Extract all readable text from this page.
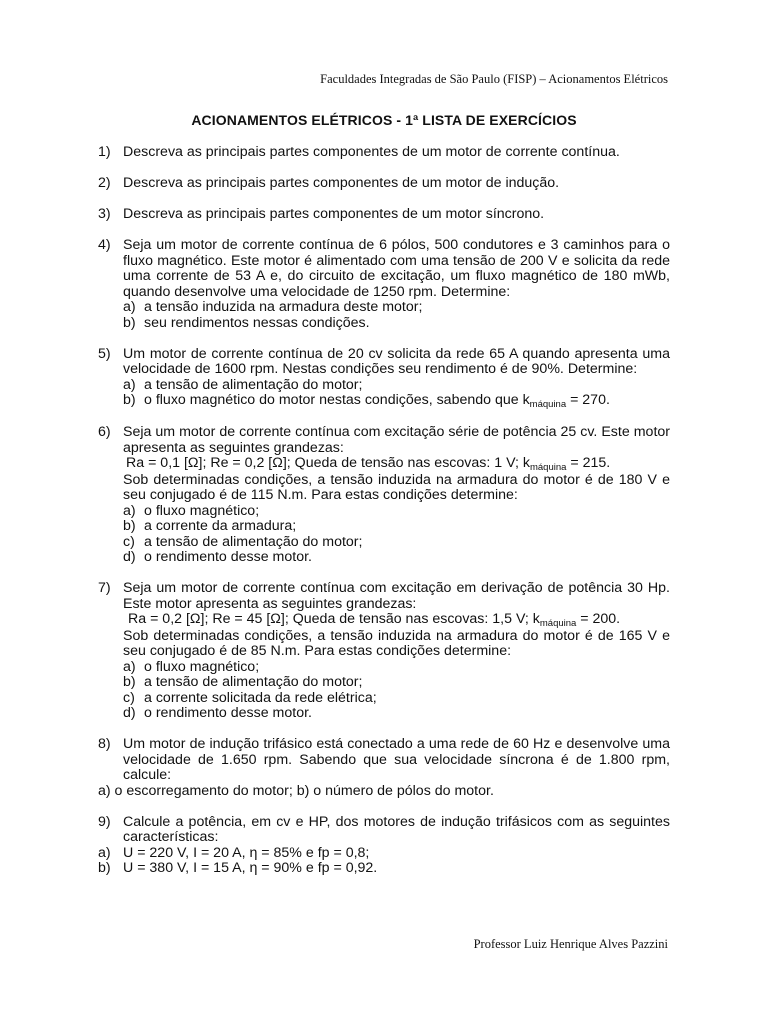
Faculdades Integradas de São Paulo (FISP) – Acionamentos Elétricos
ACIONAMENTOS ELÉTRICOS - 1ª LISTA DE EXERCÍCIOS
1) Descreva as principais partes componentes de um motor de corrente contínua.
2) Descreva as principais partes componentes de um motor de indução.
3) Descreva as principais partes componentes de um motor síncrono.
4) Seja um motor de corrente contínua de 6 pólos, 500 condutores e 3 caminhos para o fluxo magnético. Este motor é alimentado com uma tensão de 200 V e solicita da rede uma corrente de 53 A e, do circuito de excitação, um fluxo magnético de 180 mWb, quando desenvolve uma velocidade de 1250 rpm. Determine:
a) a tensão induzida na armadura deste motor;
b) seu rendimentos nessas condições.
5) Um motor de corrente contínua de 20 cv solicita da rede 65 A quando apresenta uma velocidade de 1600 rpm. Nestas condições seu rendimento é de 90%. Determine:
a) a tensão de alimentação do motor;
b) o fluxo magnético do motor nestas condições, sabendo que $k_{máquina} = 270$.
6) Seja um motor de corrente contínua com excitação série de potência 25 cv. Este motor apresenta as seguintes grandezas:
Ra = 0,1 [Ω]; Re = 0,2 [Ω]; Queda de tensão nas escovas: 1 V; $k_{máquina} = 215$.
Sob determinadas condições, a tensão induzida na armadura do motor é de 180 V e seu conjugado é de 115 N.m. Para estas condições determine:
a) o fluxo magnético;
b) a corrente da armadura;
c) a tensão de alimentação do motor;
d) o rendimento desse motor.
7) Seja um motor de corrente contínua com excitação em derivação de potência 30 Hp. Este motor apresenta as seguintes grandezas:
Ra = 0,2 [Ω]; Re = 45 [Ω]; Queda de tensão nas escovas: 1,5 V; $k_{máquina} = 200$.
Sob determinadas condições, a tensão induzida na armadura do motor é de 165 V e seu conjugado é de 85 N.m. Para estas condições determine:
a) o fluxo magnético;
b) a tensão de alimentação do motor;
c) a corrente solicitada da rede elétrica;
d) o rendimento desse motor.
8) Um motor de indução trifásico está conectado a uma rede de 60 Hz e desenvolve uma velocidade de 1.650 rpm. Sabendo que sua velocidade síncrona é de 1.800 rpm, calcule:
a) o escorregamento do motor; b) o número de pólos do motor.
9) Calcule a potência, em cv e HP, dos motores de indução trifásicos com as seguintes características:
a) U = 220 V, I = 20 A, η = 85% e fp = 0,8;
b) U = 380 V, I = 15 A, η = 90% e fp = 0,92.
Professor Luiz Henrique Alves Pazzini
